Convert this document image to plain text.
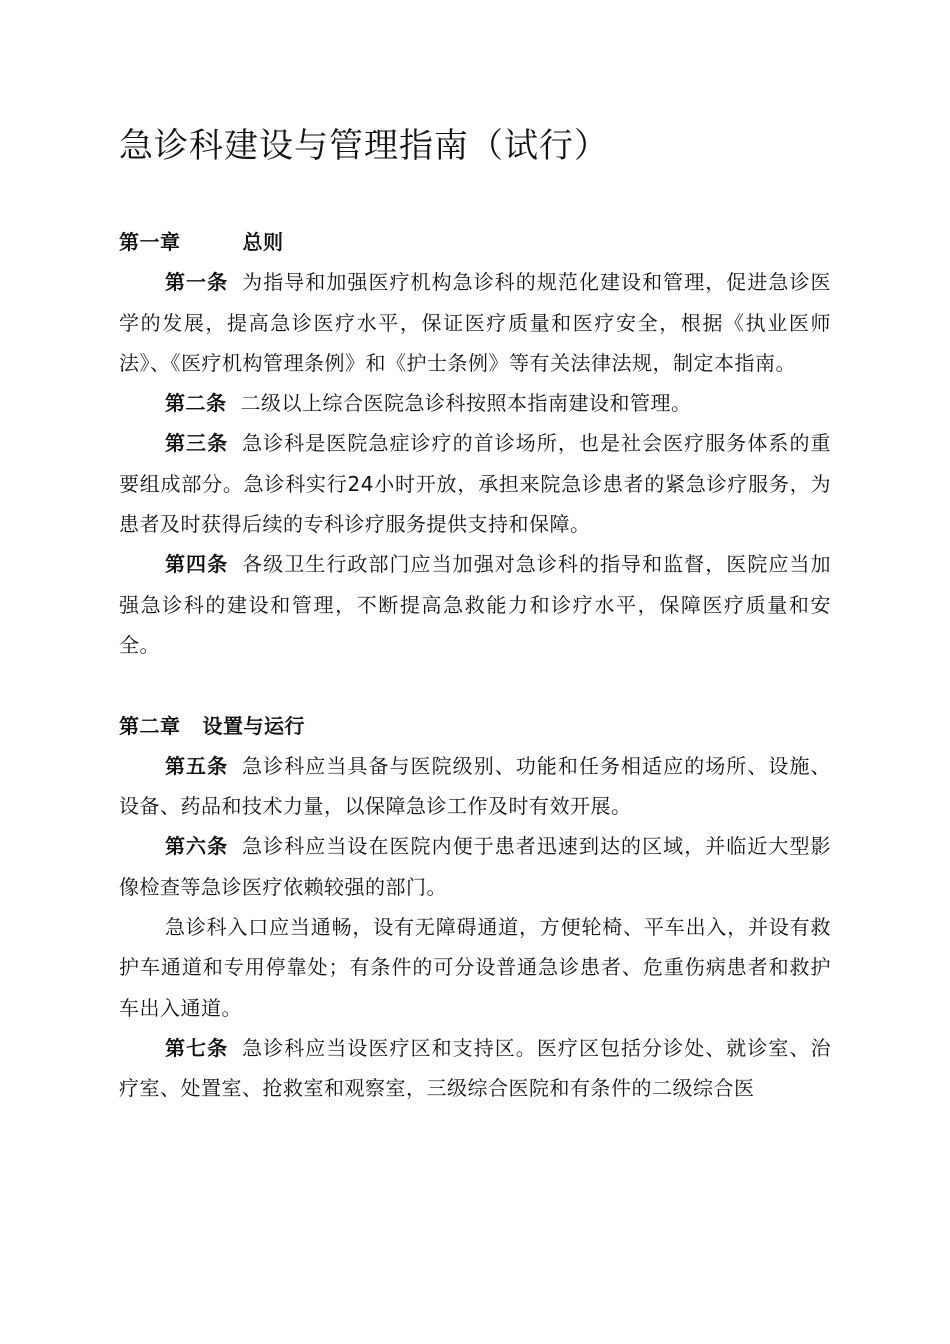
急诊科建设与管理指南（试行）
第一章	总则

第一条 为指导和加强医疗机构急诊科的规范化建设和管理，促进急诊医学的发展，提高急诊医疗水平，保证医疗质量和医疗安全，根据《执业医师法》、《医疗机构管理条例》和《护士条例》等有关法律法规，制定本指南。

第二条 二级以上综合医院急诊科按照本指南建设和管理。

第三条 急诊科是医院急症诊疗的首诊场所，也是社会医疗服务体系的重要组成部分。急诊科实行24小时开放，承担来院急诊患者的紧急诊疗服务，为患者及时获得后续的专科诊疗服务提供支持和保障。

第四条 各级卫生行政部门应当加强对急诊科的指导和监督，医院应当加强急诊科的建设和管理，不断提高急救能力和诊疗水平，保障医疗质量和安全。

第二章 设置与运行

第五条 急诊科应当具备与医院级别、功能和任务相适应的场所、设施、设备、药品和技术力量，以保障急诊工作及时有效开展。

第六条 急诊科应当设在医院内便于患者迅速到达的区域，并临近大型影像检查等急诊医疗依赖较强的部门。

急诊科入口应当通畅，设有无障碍通道，方便轮椅、平车出入，并设有救护车通道和专用停靠处；有条件的可分设普通急诊患者、危重伤病患者和救护车出入通道。

第七条 急诊科应当设医疗区和支持区。医疗区包括分诊处、就诊室、治疗室、处置室、抢救室和观察室，三级综合医院和有条件的二级综合医
